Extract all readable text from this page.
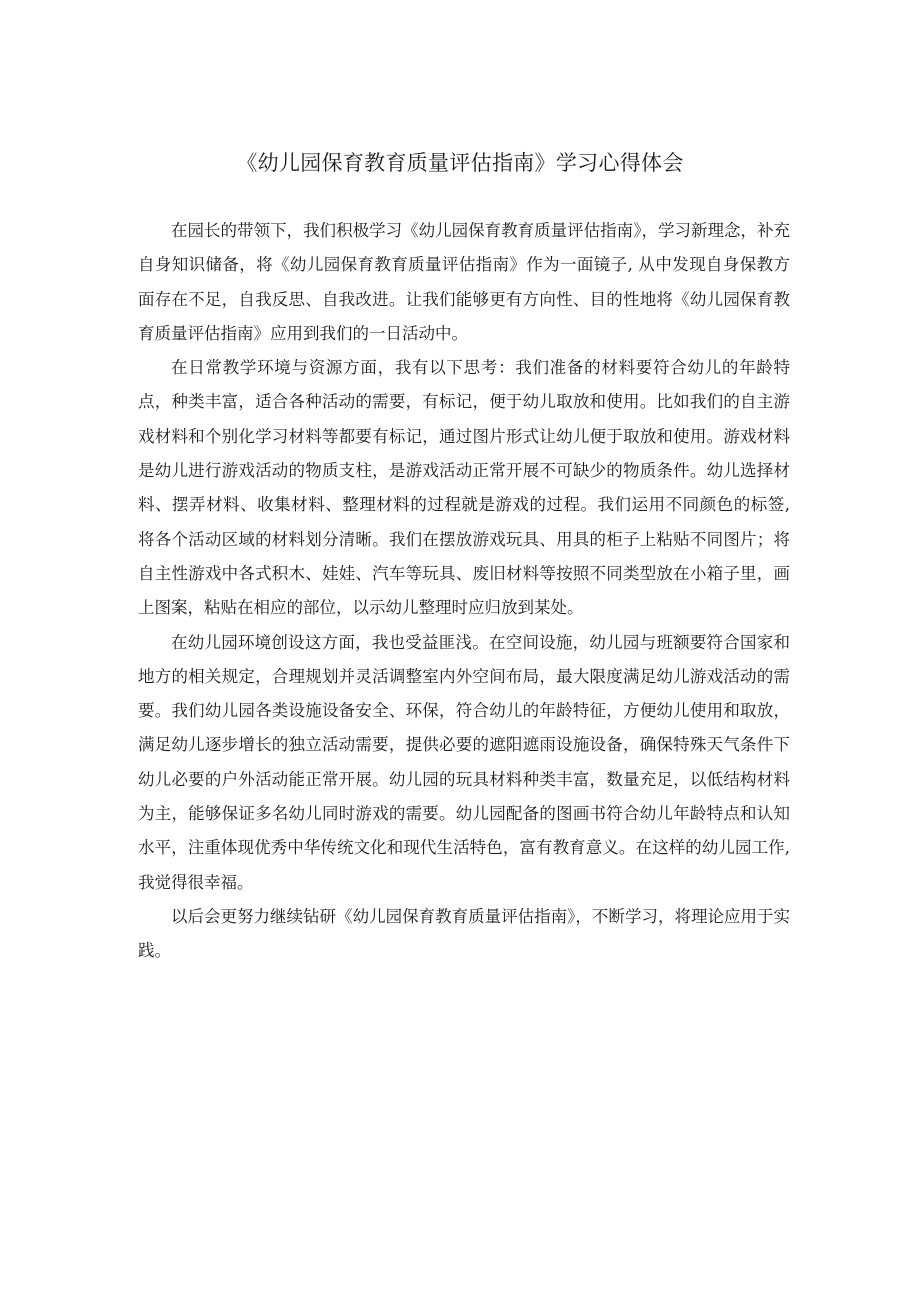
《幼儿园保育教育质量评估指南》学习心得体会

在园长的带领下，我们积极学习《幼儿园保育教育质量评估指南》，学习新理念，补充自身知识储备，将《幼儿园保育教育质量评估指南》作为一面镜子, 从中发现自身保教方面存在不足，自我反思、自我改进。让我们能够更有方向性、目的性地将《幼儿园保育教育质量评估指南》应用到我们的一日活动中。

在日常教学环境与资源方面，我有以下思考：我们准备的材料要符合幼儿的年龄特点，种类丰富，适合各种活动的需要，有标记，便于幼儿取放和使用。比如我们的自主游戏材料和个别化学习材料等都要有标记，通过图片形式让幼儿便于取放和使用。游戏材料是幼儿进行游戏活动的物质支柱，是游戏活动正常开展不可缺少的物质条件。幼儿选择材料、摆弄材料、收集材料、整理材料的过程就是游戏的过程。我们运用不同颜色的标签, 将各个活动区域的材料划分清晰。我们在摆放游戏玩具、用具的柜子上粘贴不同图片；将自主性游戏中各式积木、娃娃、汽车等玩具、废旧材料等按照不同类型放在小箱子里，画上图案，粘贴在相应的部位，以示幼儿整理时应归放到某处。

在幼儿园环境创设这方面，我也受益匪浅。在空间设施，幼儿园与班额要符合国家和地方的相关规定，合理规划并灵活调整室内外空间布局，最大限度满足幼儿游戏活动的需要。我们幼儿园各类设施设备安全、环保，符合幼儿的年龄特征，方便幼儿使用和取放，满足幼儿逐步增长的独立活动需要，提供必要的遮阳遮雨设施设备，确保特殊天气条件下幼儿必要的户外活动能正常开展。幼儿园的玩具材料种类丰富，数量充足，以低结构材料为主，能够保证多名幼儿同时游戏的需要。幼儿园配备的图画书符合幼儿年龄特点和认知水平，注重体现优秀中华传统文化和现代生活特色，富有教育意义。在这样的幼儿园工作, 我觉得很幸福。

以后会更努力继续钻研《幼儿园保育教育质量评估指南》，不断学习，将理论应用于实践。
